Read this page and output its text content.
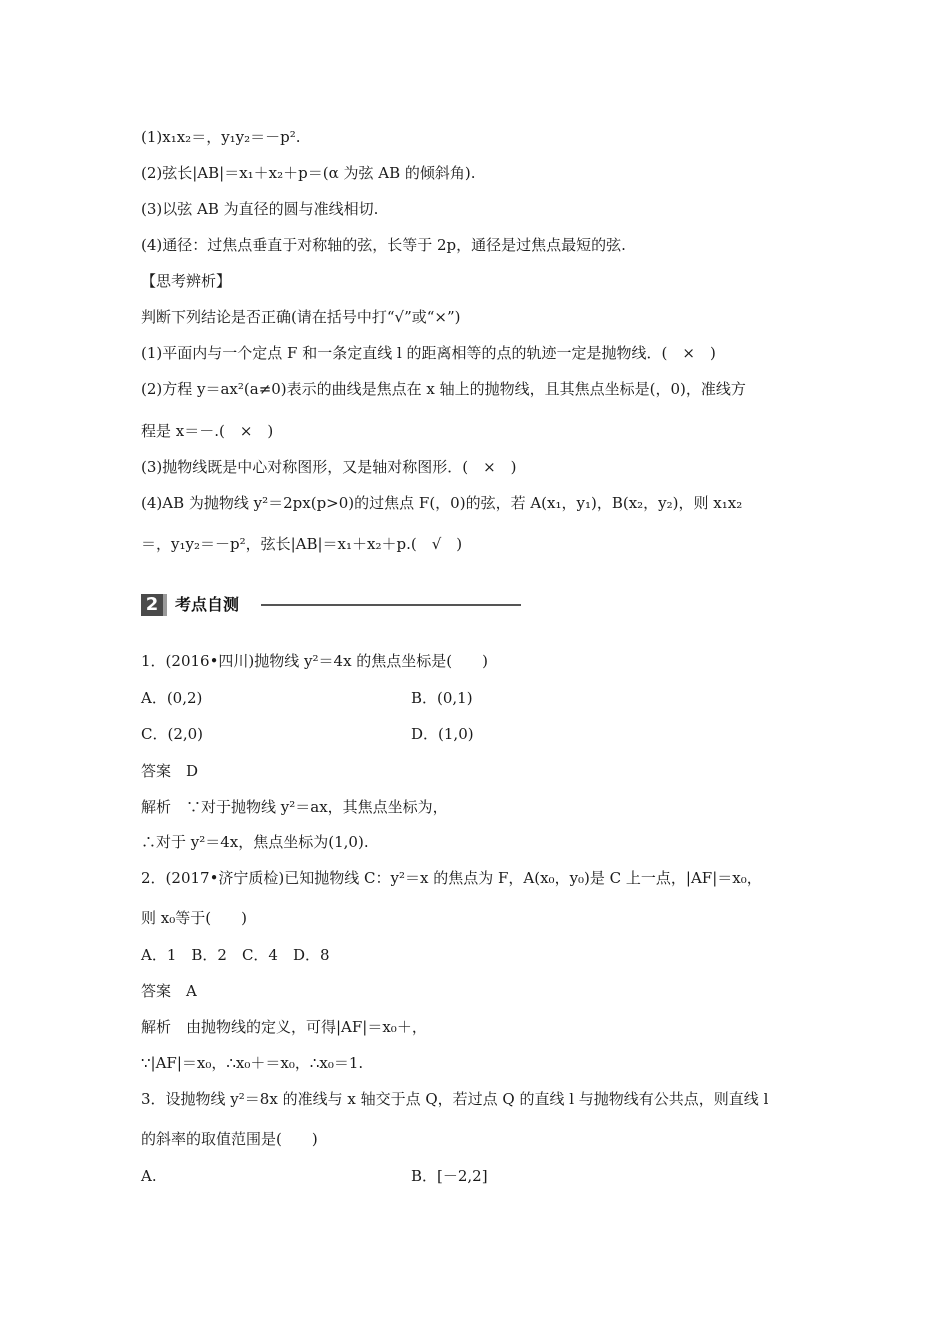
(1)x₁x₂＝，y₁y₂＝－p².
(2)弦长|AB|＝x₁＋x₂＋p＝(α 为弦 AB 的倾斜角).
(3)以弦 AB 为直径的圆与准线相切.
(4)通径：过焦点垂直于对称轴的弦，长等于 2p，通径是过焦点最短的弦.
【思考辨析】
判断下列结论是否正确(请在括号中打“√”或“×”)
(1)平面内与一个定点 F 和一条定直线 l 的距离相等的点的轨迹一定是抛物线．(　×　)
(2)方程 y＝ax²(a≠0)表示的曲线是焦点在 x 轴上的抛物线，且其焦点坐标是(，0)，准线方
程是 x＝－.(　×　)
(3)抛物线既是中心对称图形，又是轴对称图形．(　×　)
(4)AB 为抛物线 y²＝2px(p>0)的过焦点 F(，0)的弦，若 A(x₁，y₁)，B(x₂，y₂)，则 x₁x₂
＝，y₁y₂＝－p²，弦长|AB|＝x₁＋x₂＋p.(　√　)
2 考点自测
1．(2016•四川)抛物线 y²＝4x 的焦点坐标是(　　)
A．(0,2)	B．(0,1)
C．(2,0)	D．(1,0)
答案　D
解析　∵对于抛物线 y²＝ax，其焦点坐标为，
∴对于 y²＝4x，焦点坐标为(1,0).
2．(2017•济宁质检)已知抛物线 C：y²＝x 的焦点为 F，A(x₀，y₀)是 C 上一点，|AF|＝x₀，
则 x₀等于(　　)
A．1　B．2　C．4　D．8
答案　A
解析　由抛物线的定义，可得|AF|＝x₀＋，
∵|AF|＝x₀，∴x₀＋＝x₀，∴x₀＝1.
3．设抛物线 y²＝8x 的准线与 x 轴交于点 Q，若过点 Q 的直线 l 与抛物线有公共点，则直线 l
的斜率的取值范围是(　　)
A.	B．[－2,2]
